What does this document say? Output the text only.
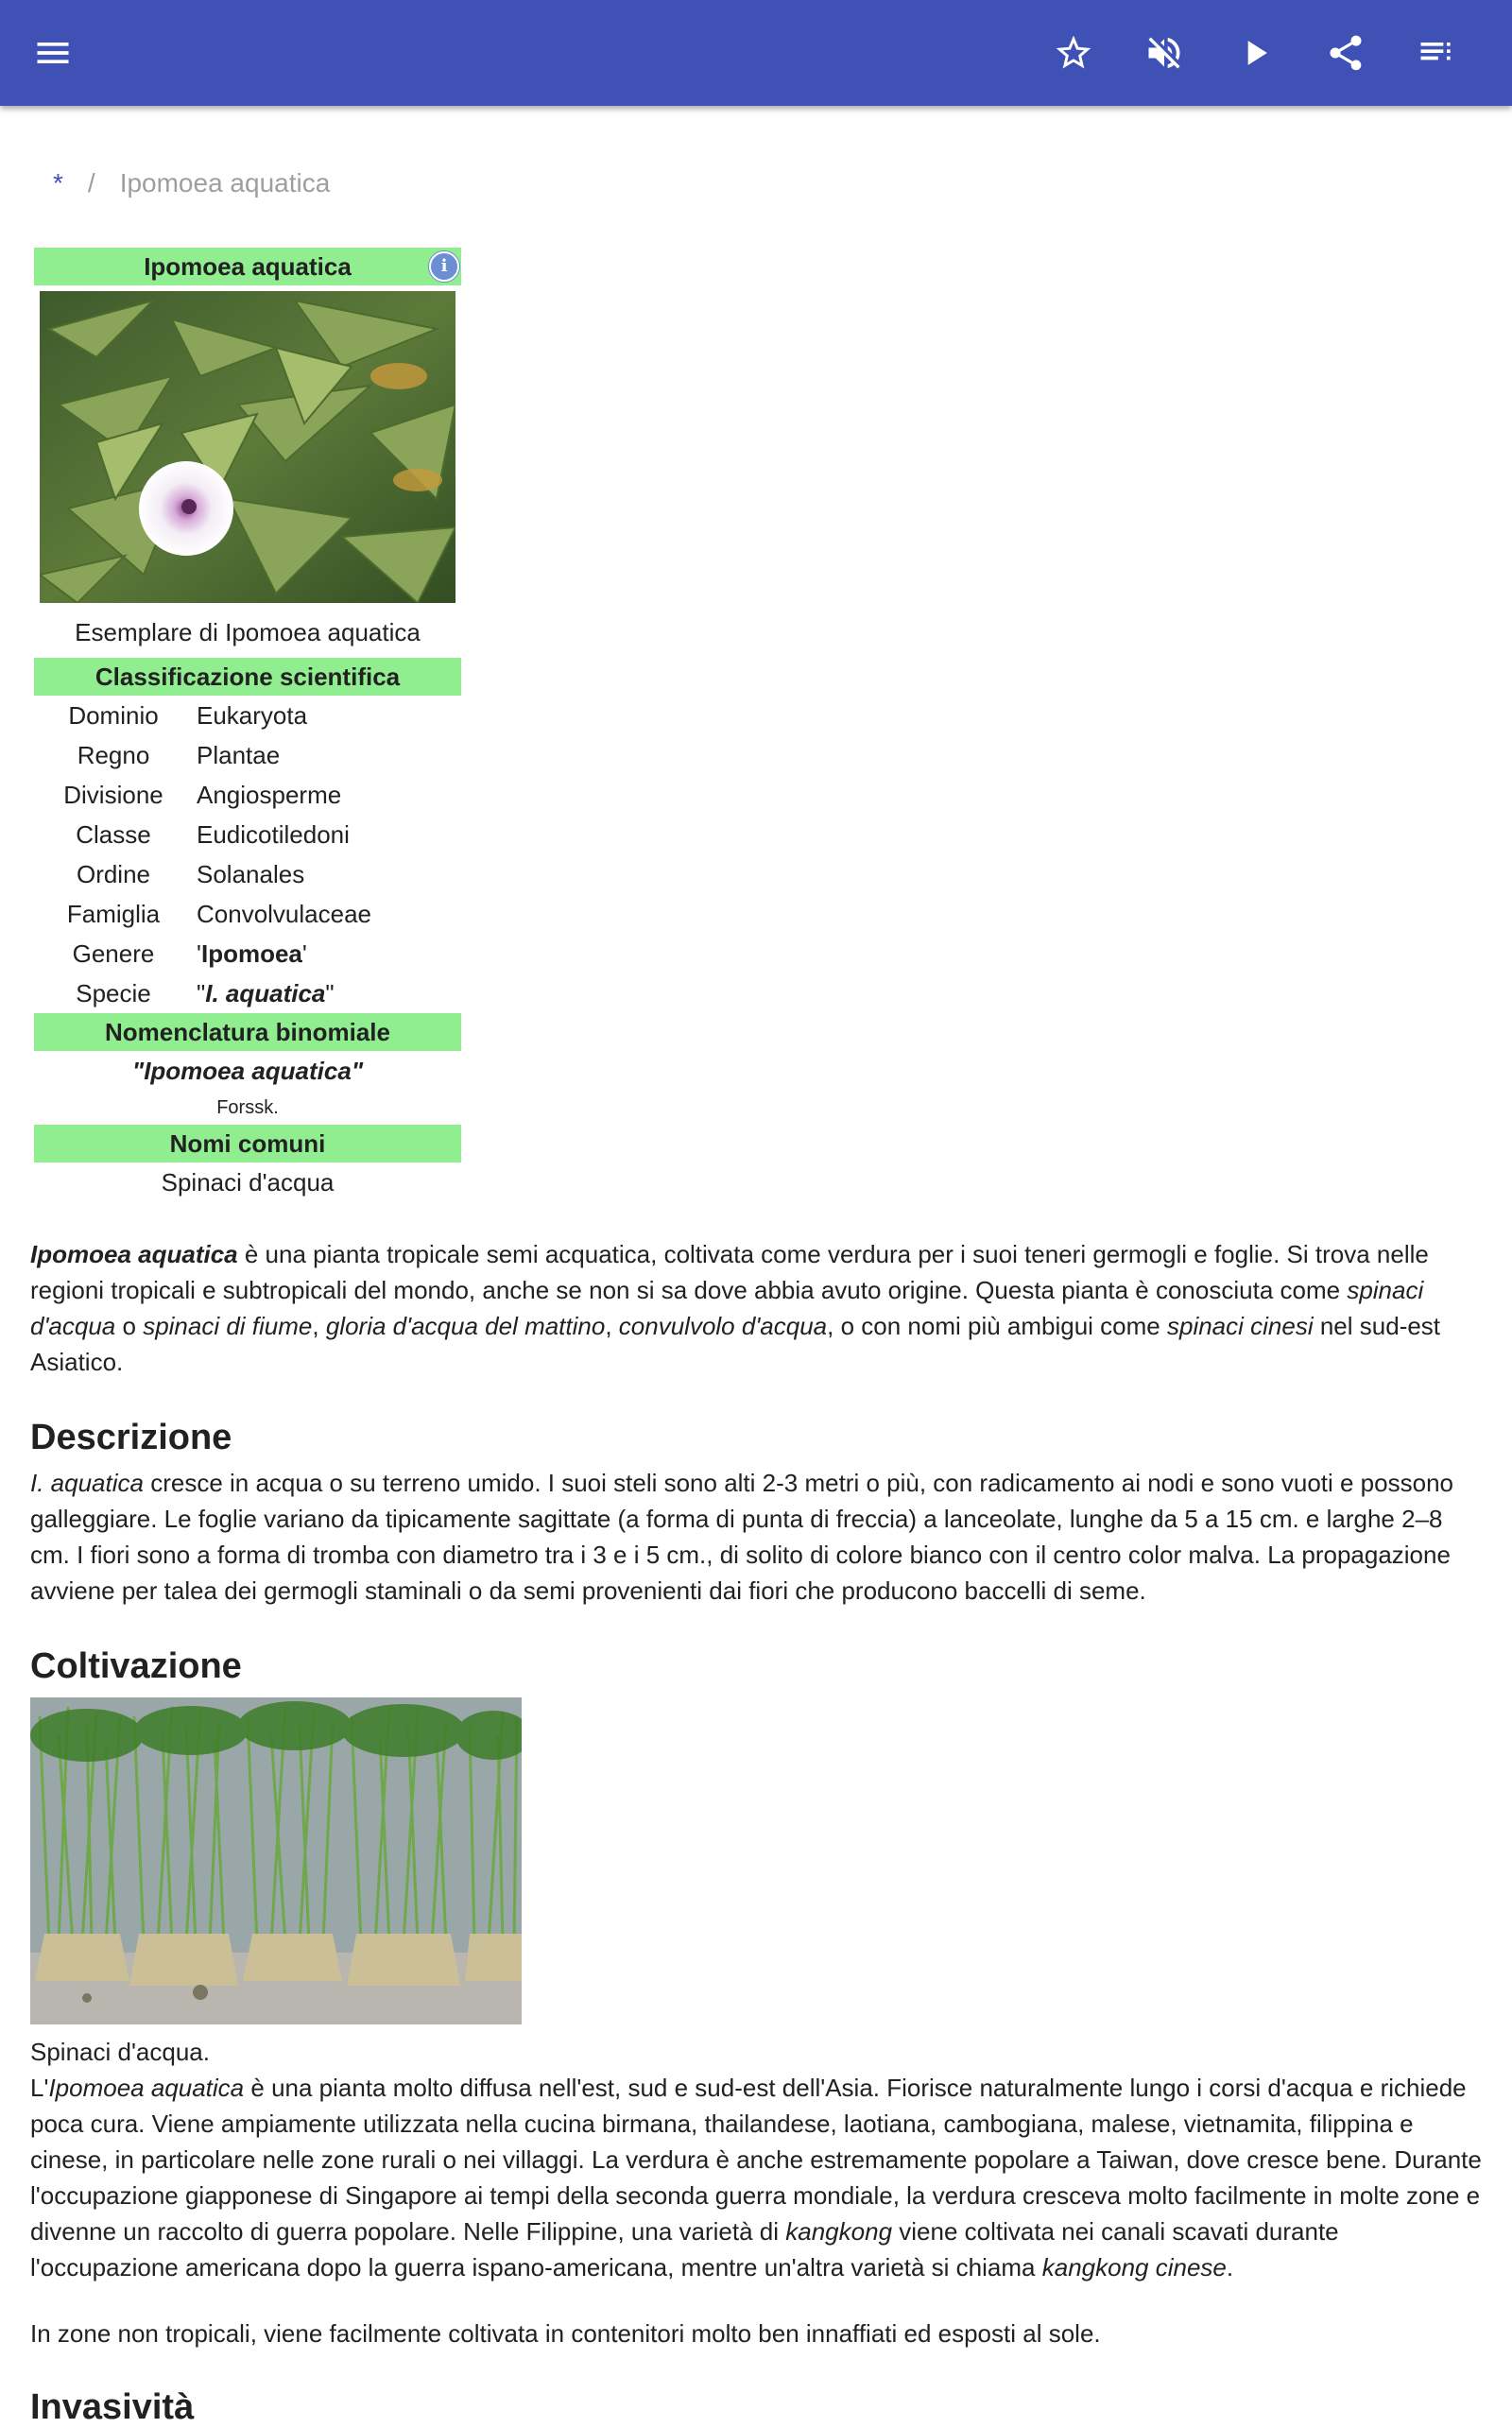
* / Ipomoea aquatica
Ipomoea aquatica	i
Esemplare di Ipomoea aquatica
Classificazione scientifica
Dominio	Eukaryota
Regno	Plantae
Divisione	Angiosperme
Classe	Eudicotiledoni
Ordine	Solanales
Famiglia	Convolvulaceae
Genere	'Ipomoea'
Specie	"I. aquatica"
Nomenclatura binomiale
"Ipomoea aquatica"
Forssk.
Nomi comuni
Spinaci d'acqua
Ipomoea aquatica è una pianta tropicale semi acquatica, coltivata come verdura per i suoi teneri germogli e foglie. Si trova nelle regioni tropicali e subtropicali del mondo, anche se non si sa dove abbia avuto origine. Questa pianta è conosciuta come spinaci d'acqua o spinaci di fiume, gloria d'acqua del mattino, convulvolo d'acqua, o con nomi più ambigui come spinaci cinesi nel sud-est Asiatico.
Descrizione
I. aquatica cresce in acqua o su terreno umido. I suoi steli sono alti 2-3 metri o più, con radicamento ai nodi e sono vuoti e possono galleggiare. Le foglie variano da tipicamente sagittate (a forma di punta di freccia) a lanceolate, lunghe da 5 a 15 cm. e larghe 2–8 cm. I fiori sono a forma di tromba con diametro tra i 3 e i 5 cm., di solito di colore bianco con il centro color malva. La propagazione avviene per talea dei germogli staminali o da semi provenienti dai fiori che producono baccelli di seme.
Coltivazione
Spinaci d'acqua.
L'Ipomoea aquatica è una pianta molto diffusa nell'est, sud e sud-est dell'Asia. Fiorisce naturalmente lungo i corsi d'acqua e richiede poca cura. Viene ampiamente utilizzata nella cucina birmana, thailandese, laotiana, cambogiana, malese, vietnamita, filippina e cinese, in particolare nelle zone rurali o nei villaggi. La verdura è anche estremamente popolare a Taiwan, dove cresce bene. Durante l'occupazione giapponese di Singapore ai tempi della seconda guerra mondiale, la verdura cresceva molto facilmente in molte zone e divenne un raccolto di guerra popolare. Nelle Filippine, una varietà di kangkong viene coltivata nei canali scavati durante l'occupazione americana dopo la guerra ispano-americana, mentre un'altra varietà si chiama kangkong cinese.
In zone non tropicali, viene facilmente coltivata in contenitori molto ben innaffiati ed esposti al sole.
Invasività
